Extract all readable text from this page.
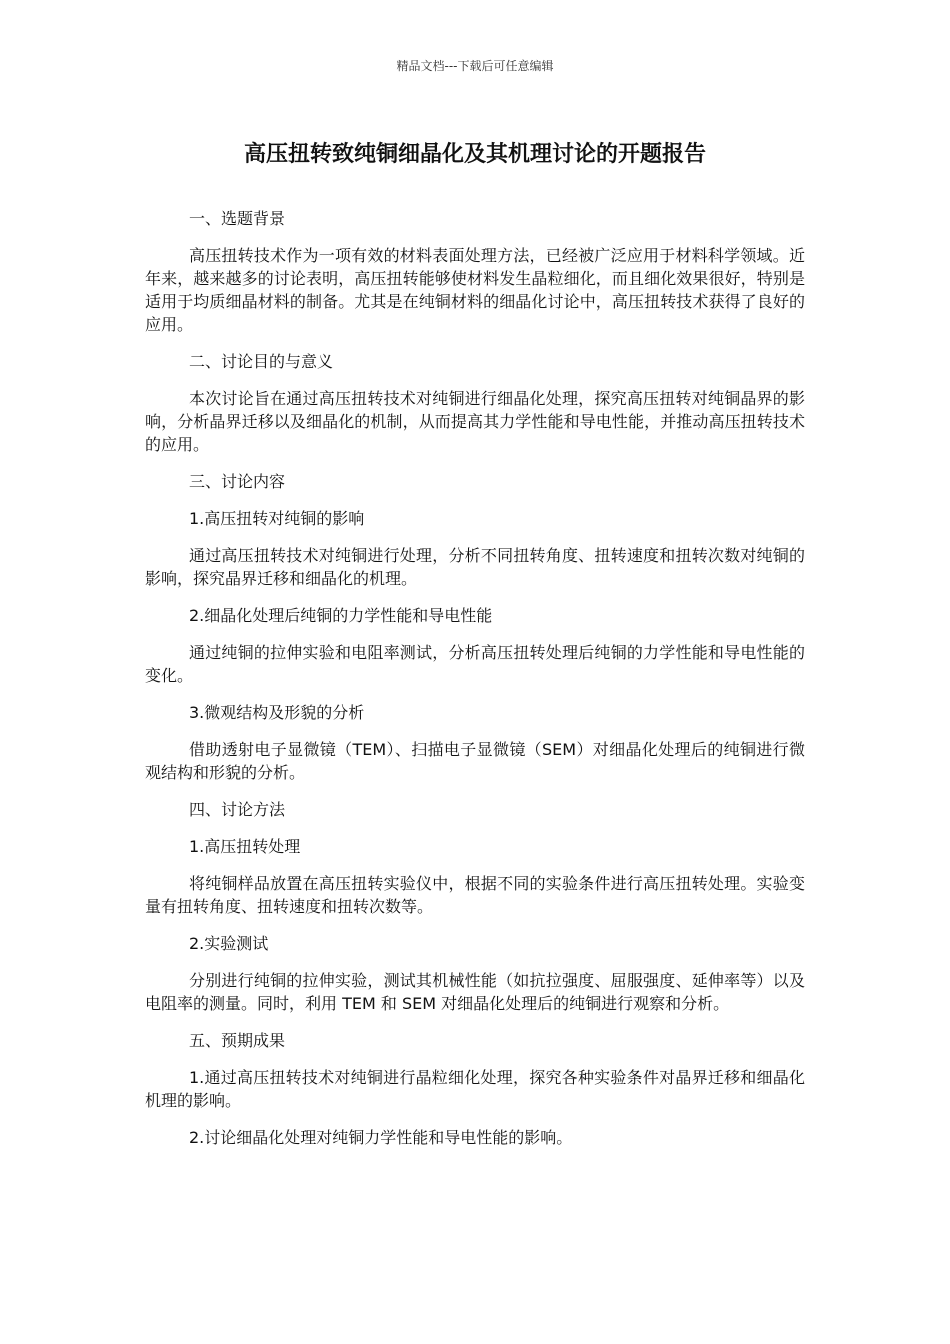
精品文档---下载后可任意编辑
高压扭转致纯铜细晶化及其机理讨论的开题报告

一、选题背景

高压扭转技术作为一项有效的材料表面处理方法，已经被广泛应用于材料科学领域。近年来，越来越多的讨论表明，高压扭转能够使材料发生晶粒细化，而且细化效果很好，特别是适用于均质细晶材料的制备。尤其是在纯铜材料的细晶化讨论中，高压扭转技术获得了良好的应用。

二、讨论目的与意义

本次讨论旨在通过高压扭转技术对纯铜进行细晶化处理，探究高压扭转对纯铜晶界的影响，分析晶界迁移以及细晶化的机制，从而提高其力学性能和导电性能，并推动高压扭转技术的应用。

三、讨论内容

1.高压扭转对纯铜的影响

通过高压扭转技术对纯铜进行处理，分析不同扭转角度、扭转速度和扭转次数对纯铜的影响，探究晶界迁移和细晶化的机理。

2.细晶化处理后纯铜的力学性能和导电性能

通过纯铜的拉伸实验和电阻率测试，分析高压扭转处理后纯铜的力学性能和导电性能的变化。

3.微观结构及形貌的分析

借助透射电子显微镜（TEM）、扫描电子显微镜（SEM）对细晶化处理后的纯铜进行微观结构和形貌的分析。

四、讨论方法

1.高压扭转处理

将纯铜样品放置在高压扭转实验仪中，根据不同的实验条件进行高压扭转处理。实验变量有扭转角度、扭转速度和扭转次数等。

2.实验测试

分别进行纯铜的拉伸实验，测试其机械性能（如抗拉强度、屈服强度、延伸率等）以及电阻率的测量。同时，利用 TEM 和 SEM 对细晶化处理后的纯铜进行观察和分析。

五、预期成果

1.通过高压扭转技术对纯铜进行晶粒细化处理，探究各种实验条件对晶界迁移和细晶化机理的影响。

2.讨论细晶化处理对纯铜力学性能和导电性能的影响。
